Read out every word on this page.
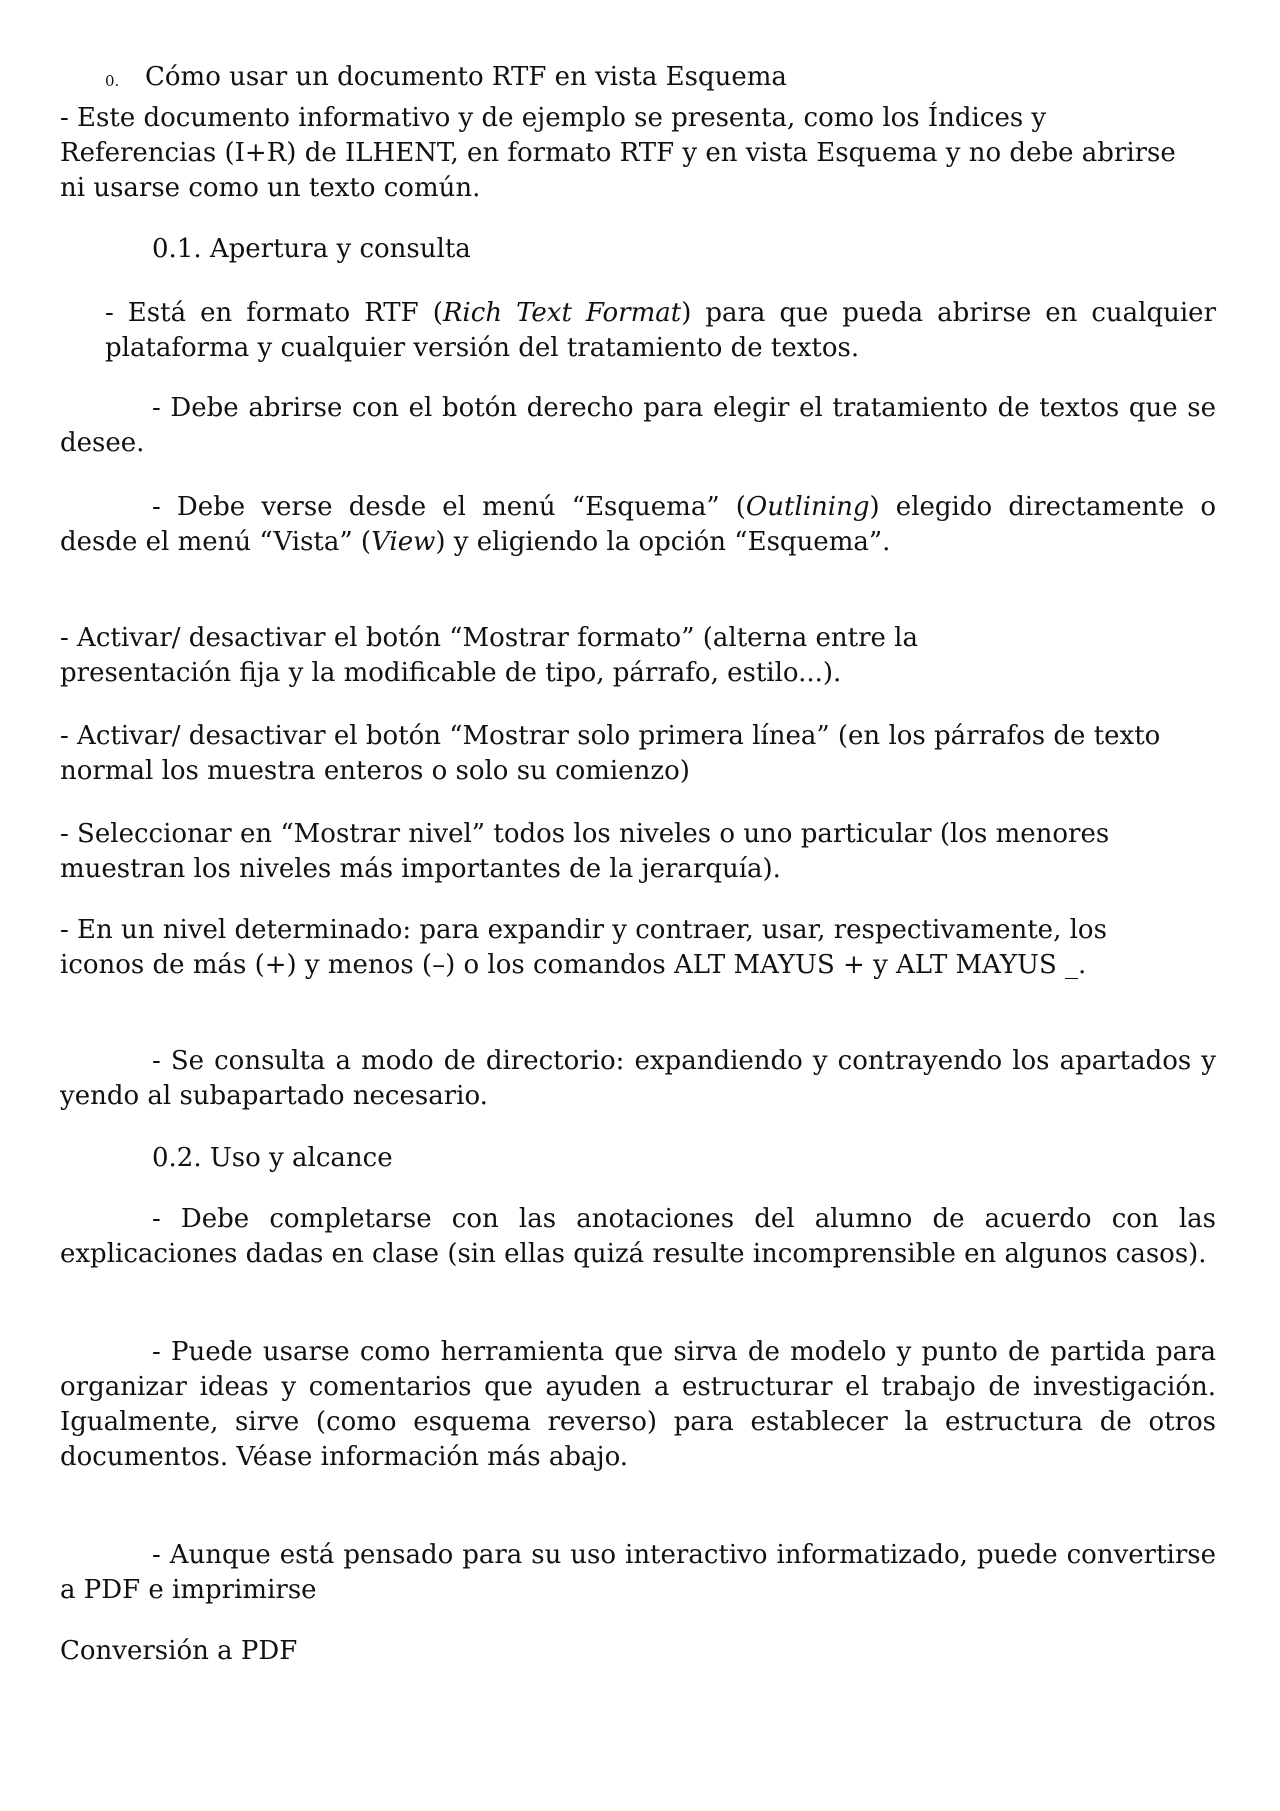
0. Cómo usar un documento RTF en vista Esquema

- Este documento informativo y de ejemplo se presenta, como los Índices y Referencias (I+R) de ILHENT, en formato RTF y en vista Esquema y no debe abrirse ni usarse como un texto común.

0.1. Apertura y consulta

- Está en formato RTF (Rich Text Format) para que pueda abrirse en cualquier plataforma y cualquier versión del tratamiento de textos.

- Debe abrirse con el botón derecho para elegir el tratamiento de textos que se desee.

- Debe verse desde el menú “Esquema” (Outlining) elegido directamente o desde el menú “Vista” (View) y eligiendo la opción “Esquema”.

- Activar/ desactivar el botón “Mostrar formato” (alterna entre la presentación fija y la modificable de tipo, párrafo, estilo...).

- Activar/ desactivar el botón “Mostrar solo primera línea” (en los párrafos de texto normal los muestra enteros o solo su comienzo)

- Seleccionar en “Mostrar nivel” todos los niveles o uno particular (los menores muestran los niveles más importantes de la jerarquía).

- En un nivel determinado: para expandir y contraer, usar, respectivamente, los iconos de más (+) y menos (–) o los comandos ALT MAYUS + y ALT MAYUS _.

- Se consulta a modo de directorio: expandiendo y contrayendo los apartados y yendo al subapartado necesario.

0.2. Uso y alcance

- Debe completarse con las anotaciones del alumno de acuerdo con las explicaciones dadas en clase (sin ellas quizá resulte incomprensible en algunos casos).

- Puede usarse como herramienta que sirva de modelo y punto de partida para organizar ideas y comentarios que ayuden a estructurar el trabajo de investigación. Igualmente, sirve (como esquema reverso) para establecer la estructura de otros documentos. Véase información más abajo.

- Aunque está pensado para su uso interactivo informatizado, puede convertirse a PDF e imprimirse

Conversión a PDF
